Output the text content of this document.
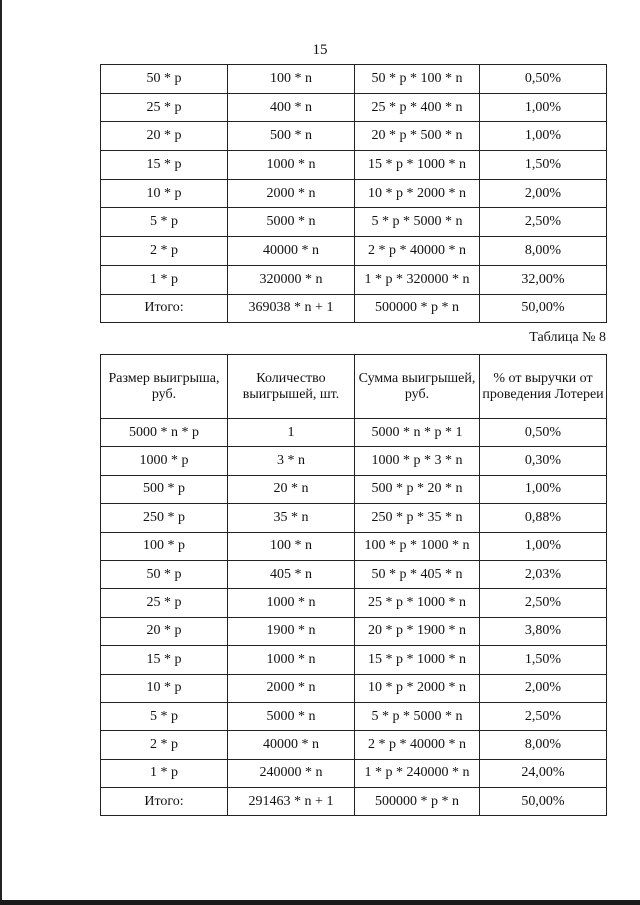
15
50 * р	100 * n	50 * р * 100 * n	0,50%
25 * р	400 * n	25 * р * 400 * n	1,00%
20 * р	500 * n	20 * р * 500 * n	1,00%
15 * р	1000 * n	15 * р * 1000 * n	1,50%
10 * р	2000 * n	10 * р * 2000 * n	2,00%
5 * р	5000 * n	5 * р * 5000 * n	2,50%
2 * р	40000 * n	2 * р * 40000 * n	8,00%
1 * р	320000 * n	1 * р * 320000 * n	32,00%
Итого:	369038 * n + 1	500000 * р * n	50,00%
Таблица № 8
Размер выигрыша, руб.	Количество выигрышей, шт.	Сумма выигрышей, руб.	% от выручки от проведения Лотереи
5000 * n * р	1	5000 * n * р * 1	0,50%
1000 * р	3 * n	1000 * р * 3 * n	0,30%
500 * р	20 * n	500 * р * 20 * n	1,00%
250 * р	35 * n	250 * р * 35 * n	0,88%
100 * р	100 * n	100 * р * 1000 * n	1,00%
50 * р	405 * n	50 * р * 405 * n	2,03%
25 * р	1000 * n	25 * р * 1000 * n	2,50%
20 * р	1900 * n	20 * р * 1900 * n	3,80%
15 * р	1000 * n	15 * р * 1000 * n	1,50%
10 * р	2000 * n	10 * р * 2000 * n	2,00%
5 * р	5000 * n	5 * р * 5000 * n	2,50%
2 * р	40000 * n	2 * р * 40000 * n	8,00%
1 * р	240000 * n	1 * р * 240000 * n	24,00%
Итого:	291463 * n + 1	500000 * р * n	50,00%
